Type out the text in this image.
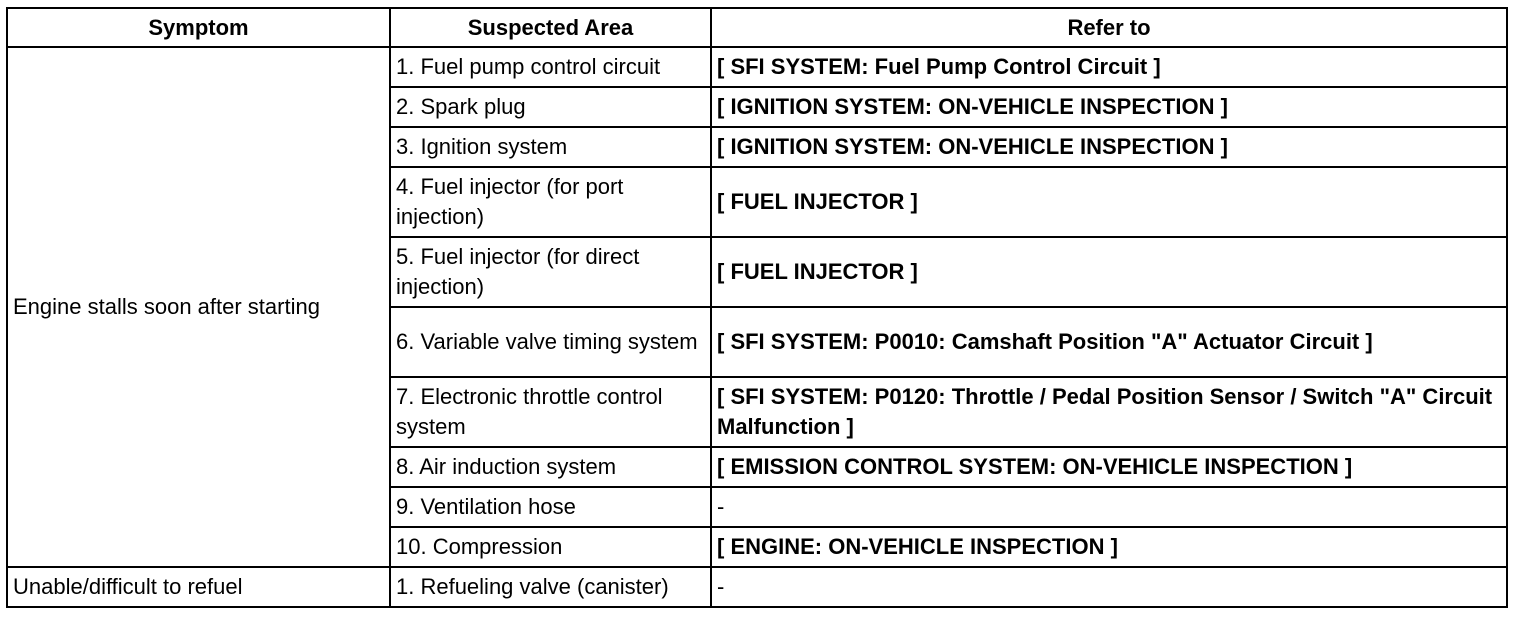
Symptom	Suspected Area	Refer to
Engine stalls soon after starting	1. Fuel pump control circuit	[ SFI SYSTEM: Fuel Pump Control Circuit ]
	2. Spark plug	[ IGNITION SYSTEM: ON-VEHICLE INSPECTION ]
	3. Ignition system	[ IGNITION SYSTEM: ON-VEHICLE INSPECTION ]
	4. Fuel injector (for port injection)	[ FUEL INJECTOR ]
	5. Fuel injector (for direct injection)	[ FUEL INJECTOR ]
	6. Variable valve timing system	[ SFI SYSTEM: P0010: Camshaft Position "A" Actuator Circuit ]
	7. Electronic throttle control system	[ SFI SYSTEM: P0120: Throttle / Pedal Position Sensor / Switch "A" Circuit Malfunction ]
	8. Air induction system	[ EMISSION CONTROL SYSTEM: ON-VEHICLE INSPECTION ]
	9. Ventilation hose	-
	10. Compression	[ ENGINE: ON-VEHICLE INSPECTION ]
Unable/difficult to refuel	1. Refueling valve (canister)	-
